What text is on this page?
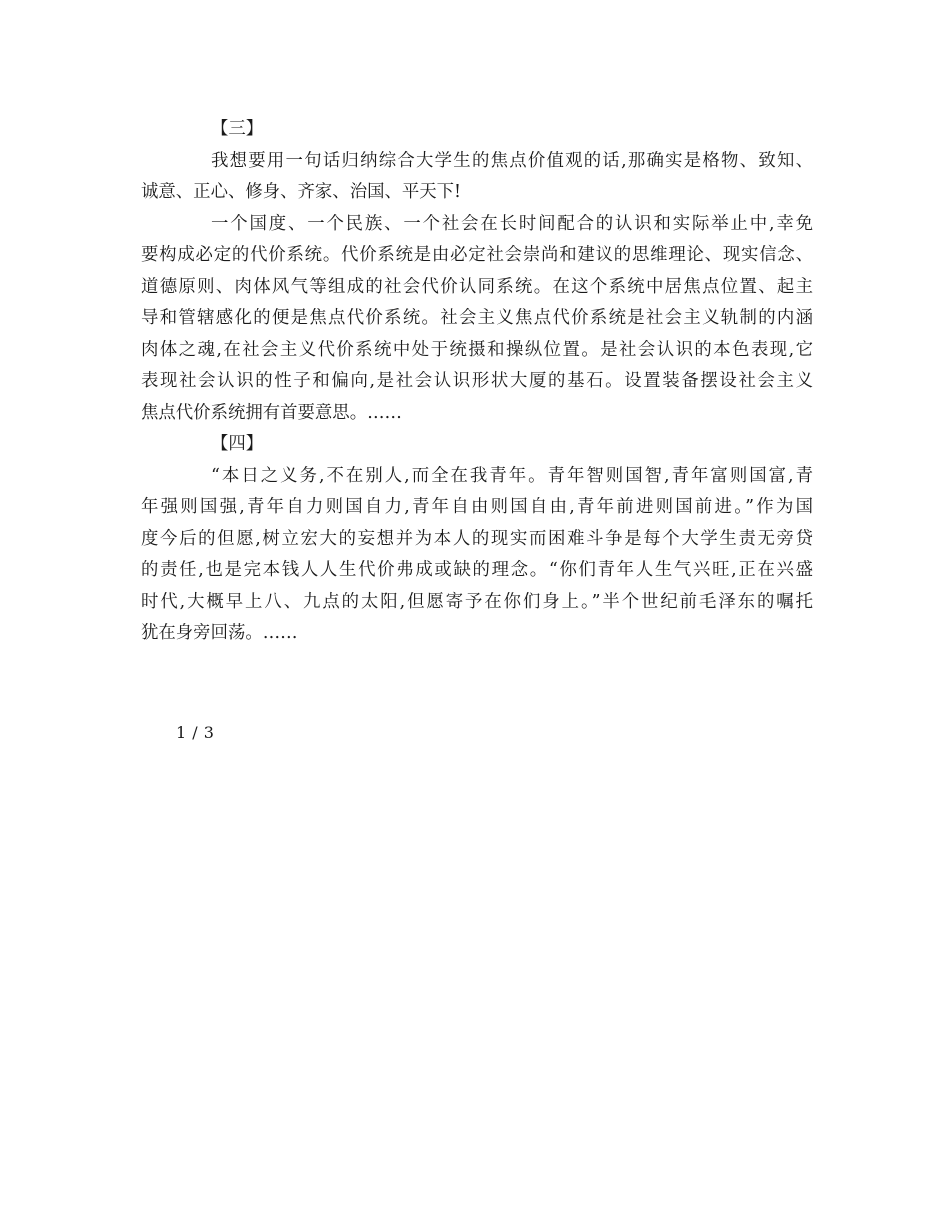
【三】
我想要用一句话归纳综合大学生的焦点价值观的话,那确实是格物、致知、
诚意、正心、修身、齐家、治国、平天下!
一个国度、一个民族、一个社会在长时间配合的认识和实际举止中,幸免
要构成必定的代价系统。代价系统是由必定社会崇尚和建议的思维理论、现实信念、
道德原则、肉体风气等组成的社会代价认同系统。在这个系统中居焦点位置、起主
导和管辖感化的便是焦点代价系统。社会主义焦点代价系统是社会主义轨制的内涵
肉体之魂,在社会主义代价系统中处于统摄和操纵位置。是社会认识的本色表现,它
表现社会认识的性子和偏向,是社会认识形状大厦的基石。设置装备摆设社会主义
焦点代价系统拥有首要意思。……
【四】
“本日之义务,不在别人,而全在我青年。青年智则国智,青年富则国富,青
年强则国强,青年自力则国自力,青年自由则国自由,青年前进则国前进。”作为国
度今后的但愿,树立宏大的妄想并为本人的现实而困难斗争是每个大学生责无旁贷
的责任,也是完本钱人人生代价弗成或缺的理念。“你们青年人生气兴旺,正在兴盛
时代,大概早上八、九点的太阳,但愿寄予在你们身上。”半个世纪前毛泽东的嘱托
犹在身旁回荡。……
1 / 3
